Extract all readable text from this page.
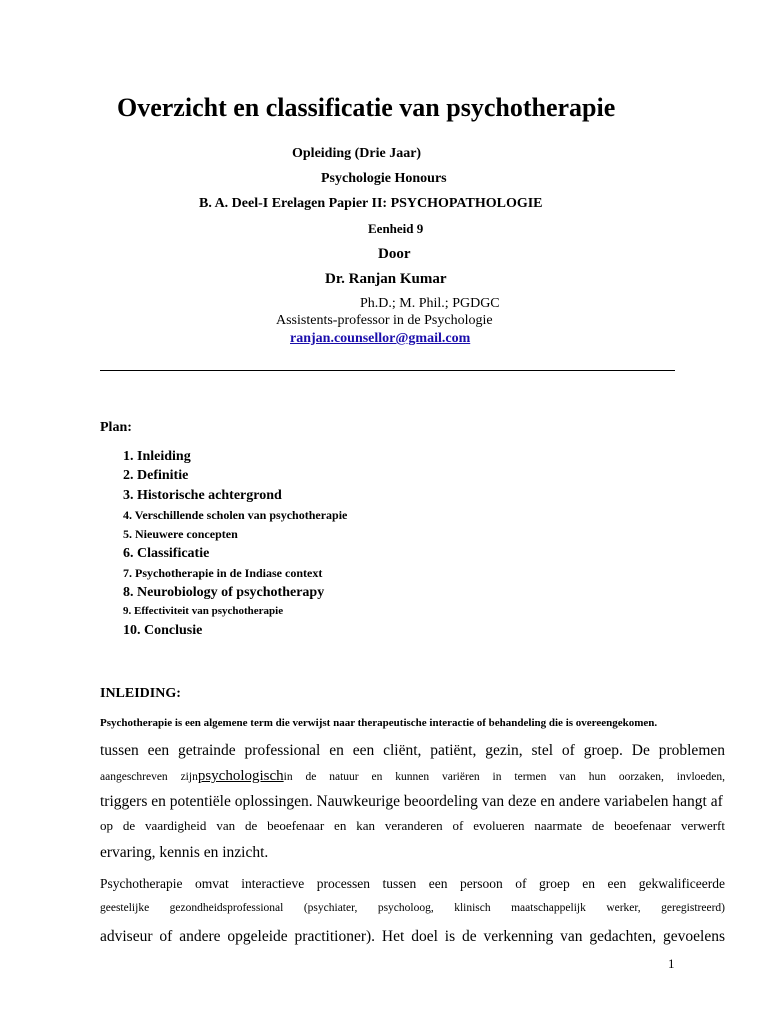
Overzicht en classificatie van psychotherapie
Opleiding (Drie Jaar)
Psychologie Honours
B. A. Deel-I Erelagen Papier II: PSYCHOPATHOLOGIE
Eenheid 9
Door
Dr. Ranjan Kumar
Ph.D.; M. Phil.; PGDGC
Assistents-professor in de Psychologie
ranjan.counsellor@gmail.com
Plan:
1. Inleiding
2. Definitie
3. Historische achtergrond
4. Verschillende scholen van psychotherapie
5. Nieuwere concepten
6. Classificatie
7. Psychotherapie in de Indiase context
8. Neurobiology of psychotherapy
9. Effectiviteit van psychotherapie
10. Conclusie
INLEIDING:
Psychotherapie is een algemene term die verwijst naar therapeutische interactie of behandeling die is overeengekomen.
tussen een getrainde professional en een cliënt, patiënt, gezin, stel of groep. De problemen
aangeschreven zijnpsychologischin de natuur en kunnen variëren in termen van hun oorzaken, invloeden,
triggers en potentiële oplossingen. Nauwkeurige beoordeling van deze en andere variabelen hangt af
op de vaardigheid van de beoefenaar en kan veranderen of evolueren naarmate de beoefenaar verwerft
ervaring, kennis en inzicht.
Psychotherapie omvat interactieve processen tussen een persoon of groep en een gekwalificeerde
geestelijke gezondheidsprofessional (psychiater, psycholoog, klinisch maatschappelijk werker, geregistreerd)
adviseur of andere opgeleide practitioner). Het doel is de verkenning van gedachten, gevoelens
1
